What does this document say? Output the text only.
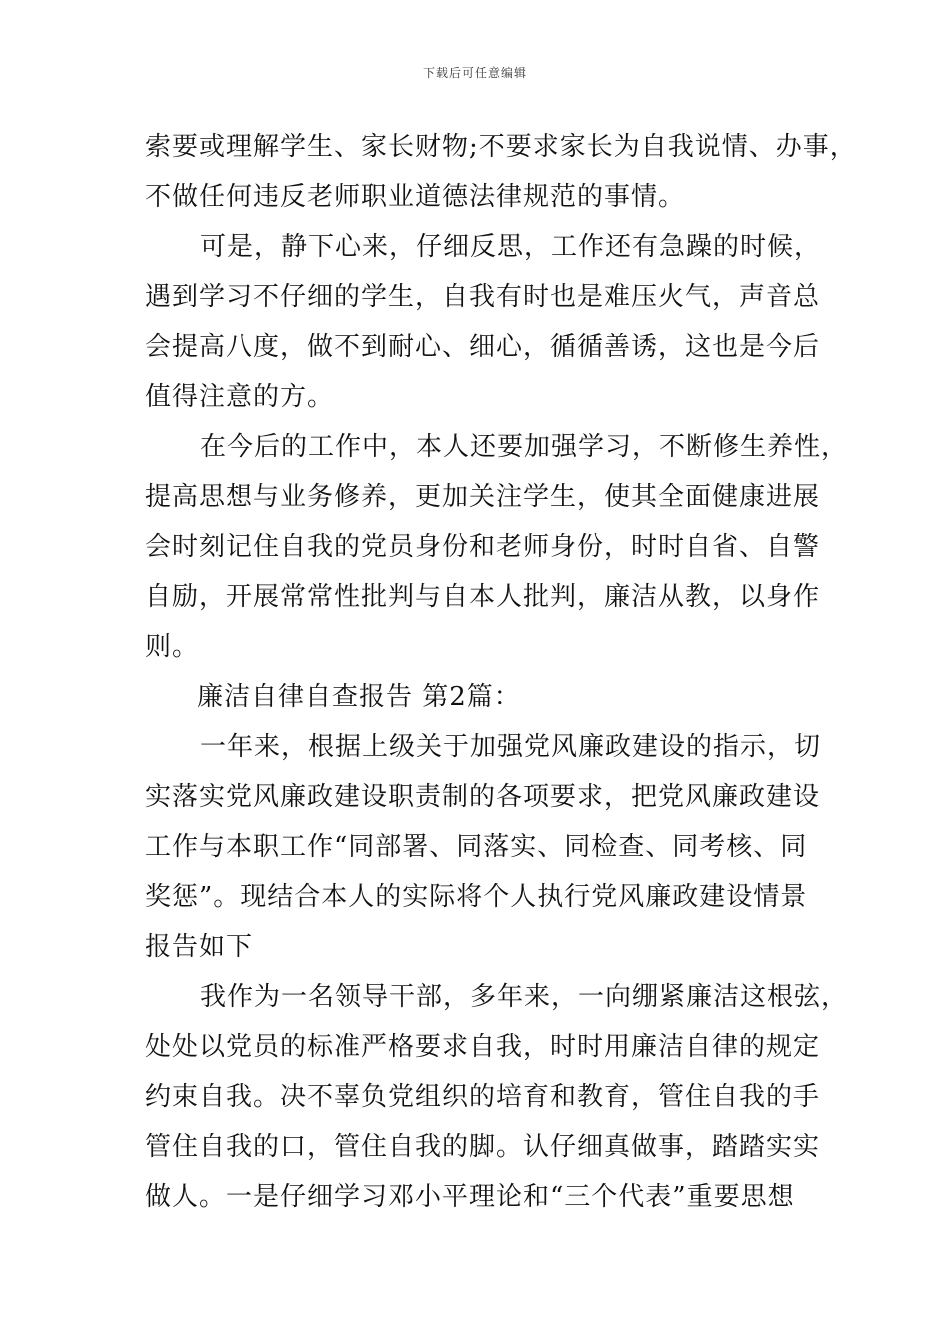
下载后可任意编辑
索要或理解学生、家长财物;不要求家长为自我说情、办事，
不做任何违反老师职业道德法律规范的事情。
可是，静下心来，仔细反思，工作还有急躁的时候，
遇到学习不仔细的学生，自我有时也是难压火气，声音总
会提高八度，做不到耐心、细心，循循善诱，这也是今后
值得注意的方。
在今后的工作中，本人还要加强学习，不断修生养性，
提高思想与业务修养，更加关注学生，使其全面健康进展
会时刻记住自我的党员身份和老师身份，时时自省、自警
自励，开展常常性批判与自本人批判，廉洁从教，以身作
则。
廉洁自律自查报告 第2篇：
一年来，根据上级关于加强党风廉政建设的指示，切
实落实党风廉政建设职责制的各项要求，把党风廉政建设
工作与本职工作“同部署、同落实、同检查、同考核、同
奖惩”。现结合本人的实际将个人执行党风廉政建设情景
报告如下
我作为一名领导干部，多年来，一向绷紧廉洁这根弦，
处处以党员的标准严格要求自我，时时用廉洁自律的规定
约束自我。决不辜负党组织的培育和教育，管住自我的手
管住自我的口，管住自我的脚。认仔细真做事，踏踏实实
做人。一是仔细学习邓小平理论和“三个代表”重要思想
